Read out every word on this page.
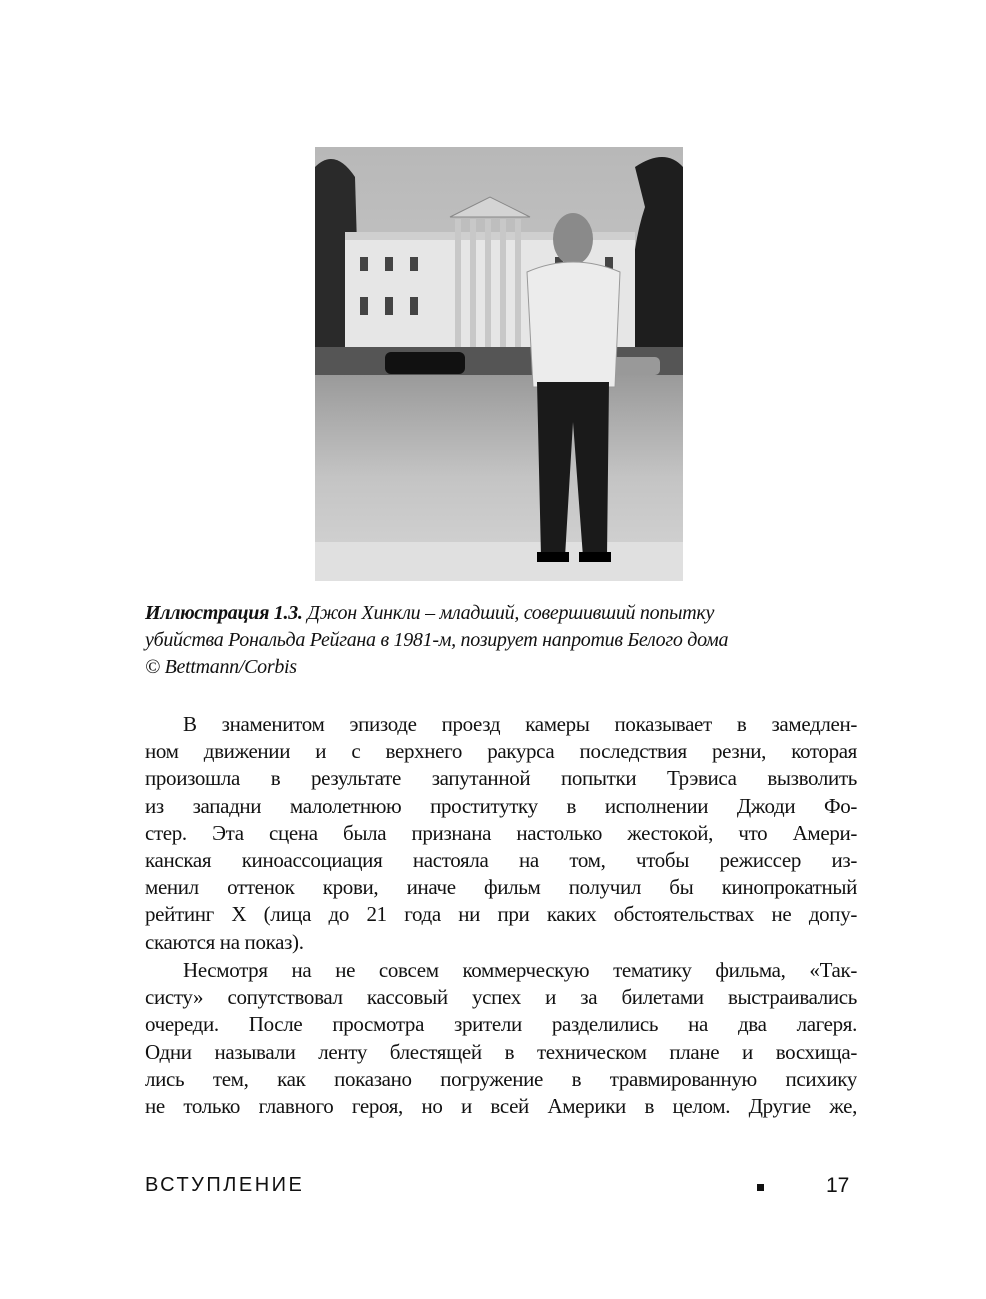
Иллюстрация 1.3. Джон Хинкли – младший, совершивший попытку
убийства Рональда Рейгана в 1981-м, позирует напротив Белого дома
© Bettmann/Corbis
В знаменитом эпизоде проезд камеры показывает в замедлен-
ном движении и с верхнего ракурса последствия резни, которая
произошла в результате запутанной попытки Трэвиса вызволить
из западни малолетнюю проститутку в исполнении Джоди Фо-
стер. Эта сцена была признана настолько жестокой, что Амери-
канская киноассоциация настояла на том, чтобы режиссер из-
менил оттенок крови, иначе фильм получил бы кинопрокатный
рейтинг X (лица до 21 года ни при каких обстоятельствах не допу-
скаются на показ).
Несмотря на не совсем коммерческую тематику фильма, «Так-
систу» сопутствовал кассовый успех и за билетами выстраивались
очереди. После просмотра зрители разделились на два лагеря.
Одни называли ленту блестящей в техническом плане и восхища-
лись тем, как показано погружение в травмированную психику
не только главного героя, но и всей Америки в целом. Другие же,
ВСТУПЛЕНИЕ	17
